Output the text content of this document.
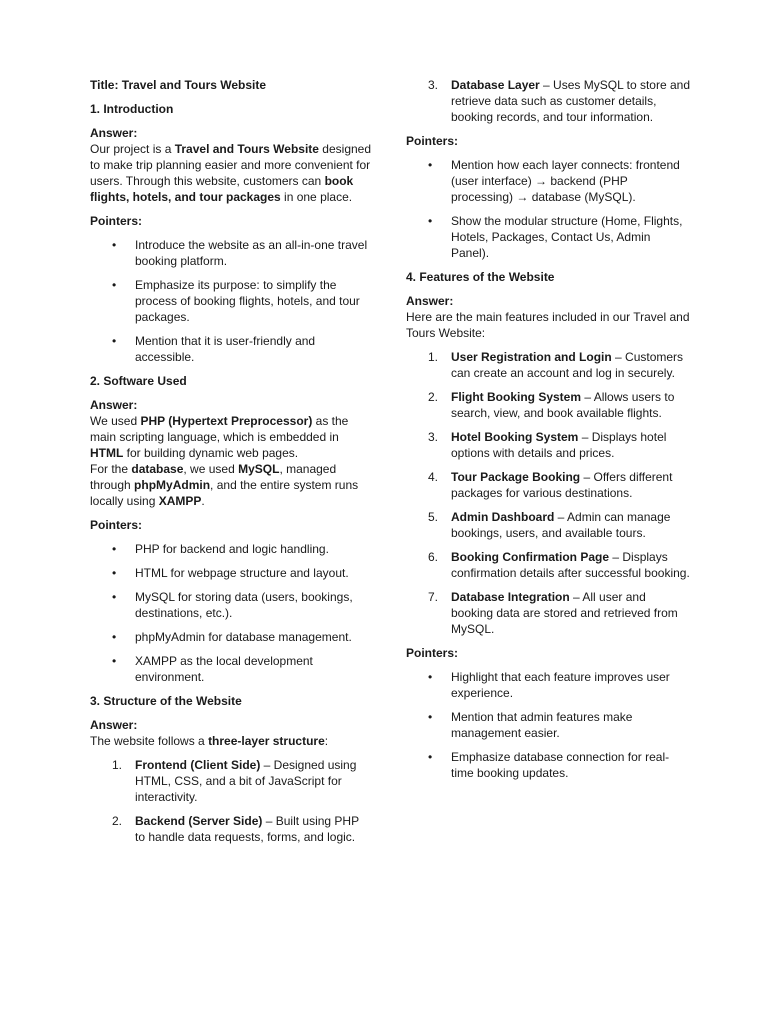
Title: Travel and Tours Website

1. Introduction

Answer:

Our project is a Travel and Tours Website designed to make trip planning easier and more convenient for users. Through this website, customers can book flights, hotels, and tour packages in one place.

Pointers:

• Introduce the website as an all-in-one travel booking platform.
• Emphasize its purpose: to simplify the process of booking flights, hotels, and tour packages.
• Mention that it is user-friendly and accessible.

2. Software Used

Answer:

We used PHP (Hypertext Preprocessor) as the main scripting language, which is embedded in HTML for building dynamic web pages.
For the database, we used MySQL, managed through phpMyAdmin, and the entire system runs locally using XAMPP.

Pointers:

• PHP for backend and logic handling.
• HTML for webpage structure and layout.
• MySQL for storing data (users, bookings, destinations, etc.).
• phpMyAdmin for database management.
• XAMPP as the local development environment.

3. Structure of the Website

Answer:

The website follows a three-layer structure:

1. Frontend (Client Side) – Designed using HTML, CSS, and a bit of JavaScript for interactivity.
2. Backend (Server Side) – Built using PHP to handle data requests, forms, and logic.
3. Database Layer – Uses MySQL to store and retrieve data such as customer details, booking records, and tour information.

Pointers:

• Mention how each layer connects: frontend (user interface) → backend (PHP processing) → database (MySQL).
• Show the modular structure (Home, Flights, Hotels, Packages, Contact Us, Admin Panel).

4. Features of the Website

Answer:

Here are the main features included in our Travel and Tours Website:

1. User Registration and Login – Customers can create an account and log in securely.
2. Flight Booking System – Allows users to search, view, and book available flights.
3. Hotel Booking System – Displays hotel options with details and prices.
4. Tour Package Booking – Offers different packages for various destinations.
5. Admin Dashboard – Admin can manage bookings, users, and available tours.
6. Booking Confirmation Page – Displays confirmation details after successful booking.
7. Database Integration – All user and booking data are stored and retrieved from MySQL.

Pointers:

• Highlight that each feature improves user experience.
• Mention that admin features make management easier.
• Emphasize database connection for real-time booking updates.
